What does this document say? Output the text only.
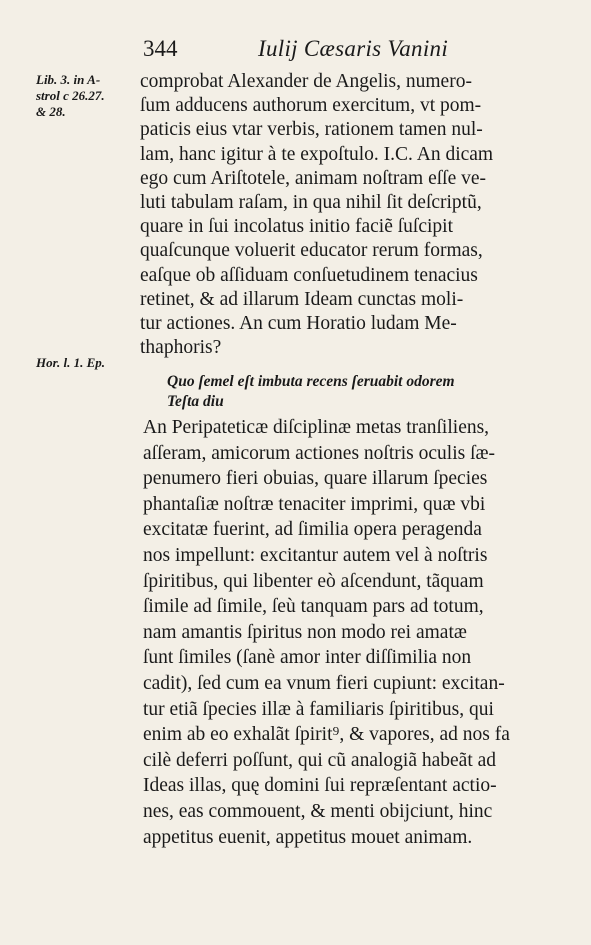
344	Iulij Cæsaris Vanini
Lib. 3. in A-
strol c 26.27.
& 28.
Hor. l. 1. Ep.
comprobat Alexander de Angelis, numero-
ſum adducens authorum exercitum, vt pom-
paticis eius vtar verbis, rationem tamen nul-
lam, hanc igitur à te expoſtulo. I.C. An dicam
ego cum Ariſtotele, animam noſtram eſſe ve-
luti tabulam raſam, in qua nihil ſit deſcriptũ,
quare in ſui incolatus initio faciẽ ſuſcipit
quaſcunque voluerit educator rerum formas,
eaſque ob aſſiduam conſuetudinem tenacius
retinet, & ad illarum Ideam cunctas moli-
tur actiones. An cum Horatio ludam Me-
thaphoris?
Quo ſemel eſt imbuta recens ſeruabit odorem
Teſta diu
An Peripateticæ diſciplinæ metas tranſiliens,
aſſeram, amicorum actiones noſtris oculis ſæ-
penumero fieri obuias, quare illarum ſpecies
phantaſiæ noſtræ tenaciter imprimi, quæ vbi
excitatæ fuerint, ad ſimilia opera peragenda
nos impellunt: excitantur autem vel à noſtris
ſpiritibus, qui libenter eò aſcendunt, tãquam
ſimile ad ſimile, ſeù tanquam pars ad totum,
nam amantis ſpiritus non modo rei amatæ
ſunt ſimiles (ſanè amor inter diſſimilia non
cadit), ſed cum ea vnum fieri cupiunt: excitan-
tur etiã ſpecies illæ à familiaris ſpiritibus, qui
enim ab eo exhalãt ſpirit⁹, & vapores, ad nos fa
cilè deferri poſſunt, qui cũ analogiã habeãt ad
Ideas illas, quę domini ſui repræſentant actio-
nes, eas commouent, & menti obijciunt, hinc
appetitus euenit, appetitus mouet animam.
